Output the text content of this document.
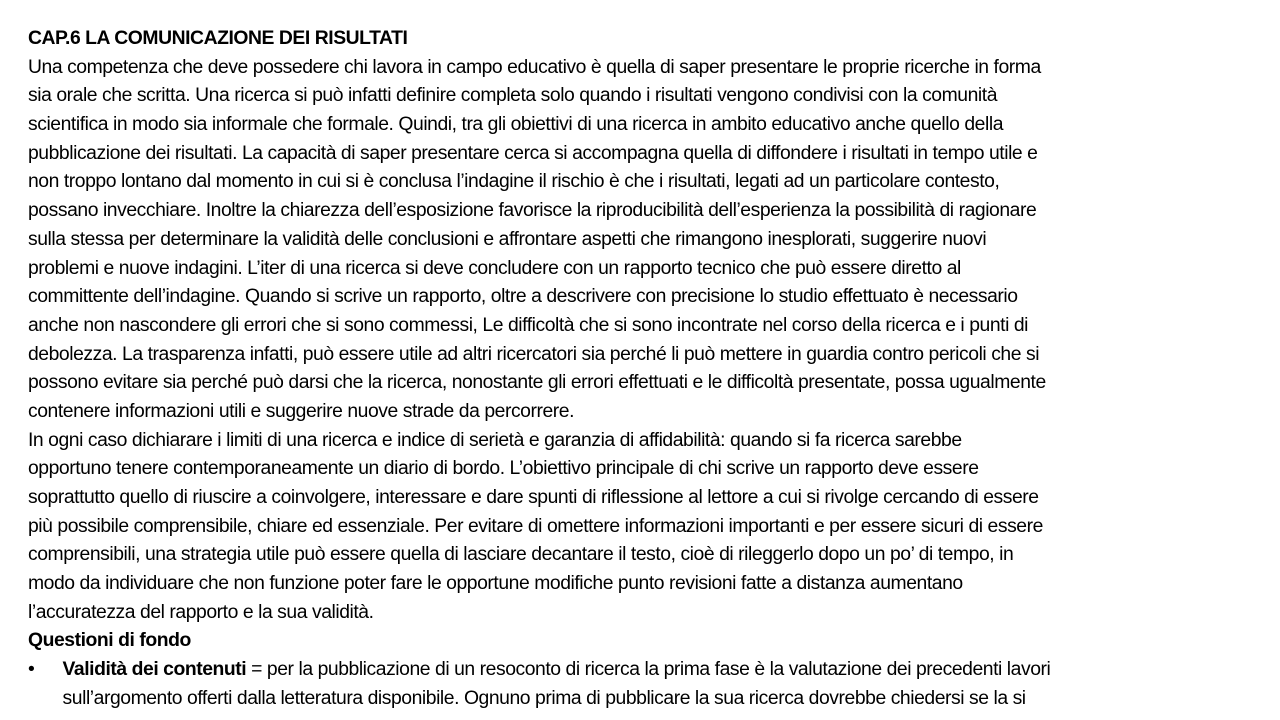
CAP.6 LA COMUNICAZIONE DEI RISULTATI
Una competenza che deve possedere chi lavora in campo educativo è quella di saper presentare le proprie ricerche in forma
sia orale che scritta. Una ricerca si può infatti definire completa solo quando i risultati vengono condivisi con la comunità
scientifica in modo sia informale che formale. Quindi, tra gli obiettivi di una ricerca in ambito educativo anche quello della
pubblicazione dei risultati. La capacità di saper presentare cerca si accompagna quella di diffondere i risultati in tempo utile e
non troppo lontano dal momento in cui si è conclusa l’indagine il rischio è che i risultati, legati ad un particolare contesto,
possano invecchiare. Inoltre la chiarezza dell’esposizione favorisce la riproducibilità dell’esperienza la possibilità di ragionare
sulla stessa per determinare la validità delle conclusioni e affrontare aspetti che rimangono inesplorati, suggerire nuovi
problemi e nuove indagini. L’iter di una ricerca si deve concludere con un rapporto tecnico che può essere diretto al
committente dell’indagine. Quando si scrive un rapporto, oltre a descrivere con precisione lo studio effettuato è necessario
anche non nascondere gli errori che si sono commessi, Le difficoltà che si sono incontrate nel corso della ricerca e i punti di
debolezza. La trasparenza infatti, può essere utile ad altri ricercatori sia perché li può mettere in guardia contro pericoli che si
possono evitare sia perché può darsi che la ricerca, nonostante gli errori effettuati e le difficoltà presentate, possa ugualmente
contenere informazioni utili e suggerire nuove strade da percorrere.
In ogni caso dichiarare i limiti di una ricerca e indice di serietà e garanzia di affidabilità: quando si fa ricerca sarebbe
opportuno tenere contemporaneamente un diario di bordo. L’obiettivo principale di chi scrive un rapporto deve essere
soprattutto quello di riuscire a coinvolgere, interessare e dare spunti di riflessione al lettore a cui si rivolge cercando di essere
più possibile comprensibile, chiare ed essenziale. Per evitare di omettere informazioni importanti e per essere sicuri di essere
comprensibili, una strategia utile può essere quella di lasciare decantare il testo, cioè di rileggerlo dopo un po’ di tempo, in
modo da individuare che non funzione poter fare le opportune modifiche punto revisioni fatte a distanza aumentano
l’accuratezza del rapporto e la sua validità.
Questioni di fondo
• Validità dei contenuti = per la pubblicazione di un resoconto di ricerca la prima fase è la valutazione dei precedenti lavori
sull’argomento offerti dalla letteratura disponibile. Ognuno prima di pubblicare la sua ricerca dovrebbe chiedersi se la si
